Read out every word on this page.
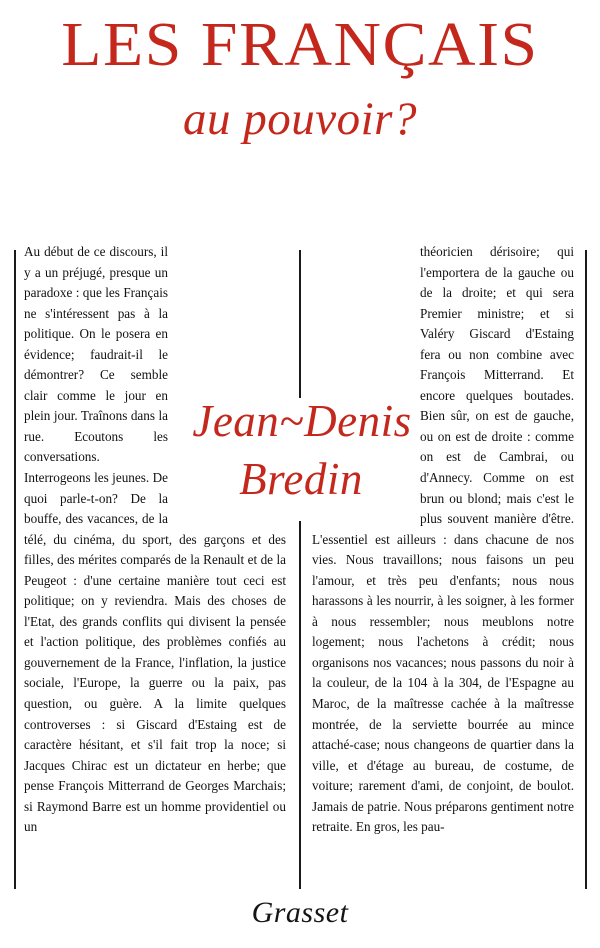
LES FRANÇAIS
au pouvoir?

Au début de ce discours, il y a un préjugé, presque un paradoxe : que les Français ne s'intéressent pas à la politique. On le posera en évidence; faudrait-il le démontrer? Ce semble clair comme le jour en plein jour. Traînons dans la rue. Ecoutons les conversations. Interrogeons les jeunes. De quoi parle-t-on? De la bouffe, des vacances, de la télé, du cinéma, du sport, des garçons et des filles, des mérites comparés de la Renault et de la Peugeot : d'une certaine manière tout ceci est politique; on y reviendra. Mais des choses de l'Etat, des grands conflits qui divisent la pensée et l'action politique, des problèmes confiés au gouvernement de la France, l'inflation, la justice sociale, l'Europe, la guerre ou la paix, pas question, ou guère. A la limite quelques controverses : si Giscard d'Estaing est de caractère hésitant, et s'il fait trop la noce; si Jacques Chirac est un dictateur en herbe; que pense François Mitterrand de Georges Marchais; si Raymond Barre est un homme providentiel ou un

théoricien dérisoire; qui l'emportera de la gauche ou de la droite; et qui sera Premier ministre; et si Valéry Giscard d'Estaing fera ou non combine avec François Mitterrand. Et encore quelques boutades. Bien sûr, on est de gauche, ou on est de droite : comme on est de Cambrai, ou d'Annecy. Comme on est brun ou blond; mais c'est le plus souvent manière d'être. L'essentiel est ailleurs : dans chacune de nos vies. Nous travaillons; nous faisons un peu l'amour, et très peu d'enfants; nous nous harassons à les nourrir, à les soigner, à les former à nous ressembler; nous meublons notre logement; nous l'achetons à crédit; nous organisons nos vacances; nous passons du noir à la couleur, de la 104 à la 304, de l'Espagne au Maroc, de la maîtresse cachée à la maîtresse montrée, de la serviette bourrée au mince attaché-case; nous changeons de quartier dans la ville, et d'étage au bureau, de costume, de voiture; rarement d'ami, de conjoint, de boulot. Jamais de patrie. Nous préparons gentiment notre retraite. En gros, les pau-

Jean~Denis
Bredin
Grasset
